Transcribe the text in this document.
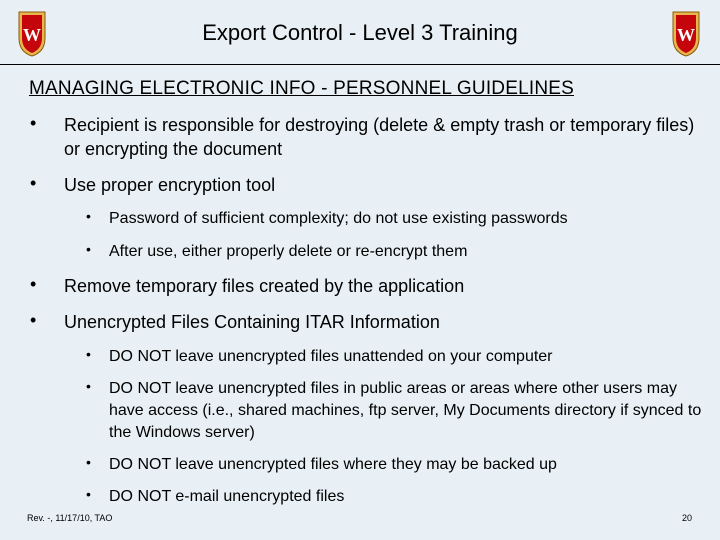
W	Export Control - Level 3 Training	W
MANAGING ELECTRONIC INFO - PERSONNEL GUIDELINES
• Recipient is responsible for destroying (delete & empty trash or temporary files) or encrypting the document
• Use proper encryption tool
• Password of sufficient complexity; do not use existing passwords
• After use, either properly delete or re-encrypt them
• Remove temporary files created by the application
• Unencrypted Files Containing ITAR Information
• DO NOT leave unencrypted files unattended on your computer
• DO NOT leave unencrypted files in public areas or areas where other users may have access (i.e., shared machines, ftp server, My Documents directory if synced to the Windows server)
• DO NOT leave unencrypted files where they may be backed up
• DO NOT e-mail unencrypted files
Rev. -, 11/17/10, TAO	20
